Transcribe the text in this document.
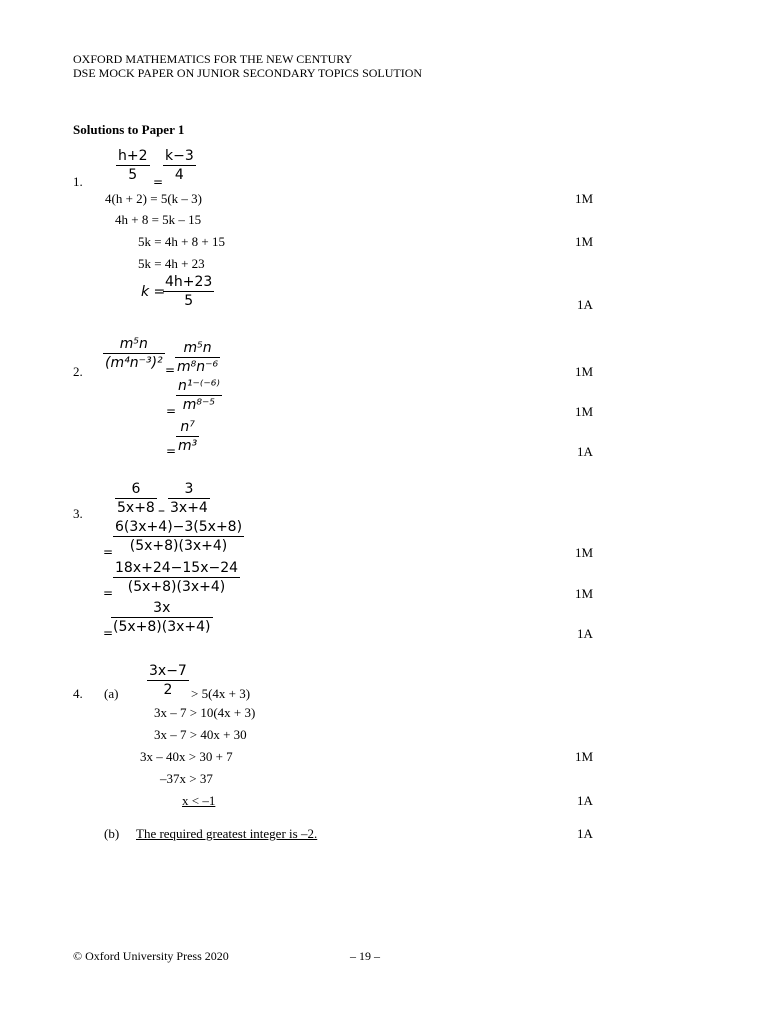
OXFORD MATHEMATICS FOR THE NEW CENTURY
DSE MOCK PAPER ON JUNIOR SECONDARY TOPICS SOLUTION
Solutions to Paper 1
1.
h+2
5 =
k−3
4
4(h + 2) = 5(k – 3)	1M
4h + 8 = 5k – 15
5k = 4h + 8 + 15	1M
5k = 4h + 23
k =
4h+23
5	1A
2.
m⁵n
(m⁴n⁻³)² =
m⁵n
m⁸n⁻⁶	1M
=
n¹⁻⁽⁻⁶⁾
m⁸⁻⁵	1M
=
n⁷
m³	1A
3.
6
5x+8 –
3
3x+4
=
6(3x+4)−3(5x+8)
(5x+8)(3x+4)	1M
=
18x+24−15x−24
(5x+8)(3x+4)	1M
=
3x
(5x+8)(3x+4)	1A
4. (a)
3x−7
2 > 5(4x + 3)
3x – 7 > 10(4x + 3)
3x – 7 > 40x + 30
3x – 40x > 30 + 7	1M
–37x > 37
x < –1	1A
(b) The required greatest integer is –2.	1A
© Oxford University Press 2020	– 19 –
